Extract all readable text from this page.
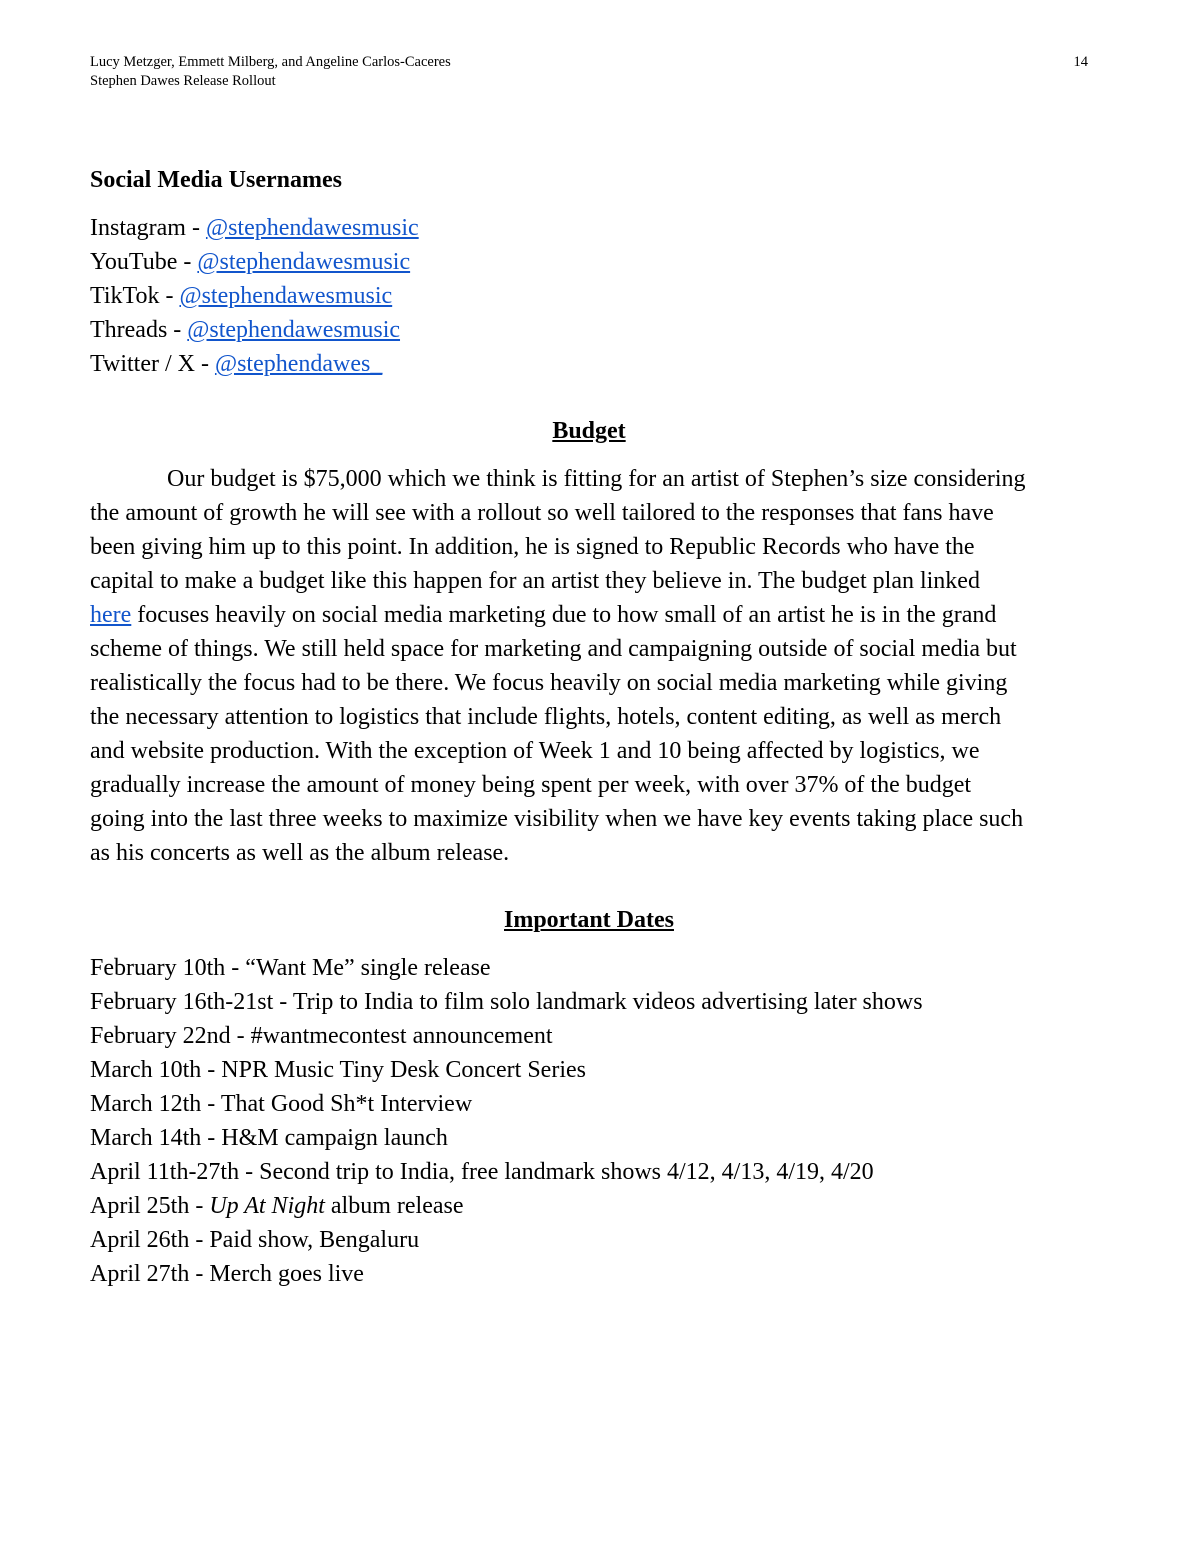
Lucy Metzger, Emmett Milberg, and Angeline Carlos-Caceres
Stephen Dawes Release Rollout
14
Social Media Usernames
Instagram - @stephendawesmusic
YouTube - @stephendawesmusic
TikTok - @stephendawesmusic
Threads - @stephendawesmusic
Twitter / X - @stephendawes_
Budget
Our budget is $75,000 which we think is fitting for an artist of Stephen’s size considering
the amount of growth he will see with a rollout so well tailored to the responses that fans have
been giving him up to this point. In addition, he is signed to Republic Records who have the
capital to make a budget like this happen for an artist they believe in. The budget plan linked
here focuses heavily on social media marketing due to how small of an artist he is in the grand
scheme of things. We still held space for marketing and campaigning outside of social media but
realistically the focus had to be there. We focus heavily on social media marketing while giving
the necessary attention to logistics that include flights, hotels, content editing, as well as merch
and website production. With the exception of Week 1 and 10 being affected by logistics, we
gradually increase the amount of money being spent per week, with over 37% of the budget
going into the last three weeks to maximize visibility when we have key events taking place such
as his concerts as well as the album release.
Important Dates
February 10th - “Want Me” single release
February 16th-21st - Trip to India to film solo landmark videos advertising later shows
February 22nd - #wantmecontest announcement
March 10th - NPR Music Tiny Desk Concert Series
March 12th - That Good Sh*t Interview
March 14th - H&M campaign launch
April 11th-27th - Second trip to India, free landmark shows 4/12, 4/13, 4/19, 4/20
April 25th - Up At Night album release
April 26th - Paid show, Bengaluru
April 27th - Merch goes live
